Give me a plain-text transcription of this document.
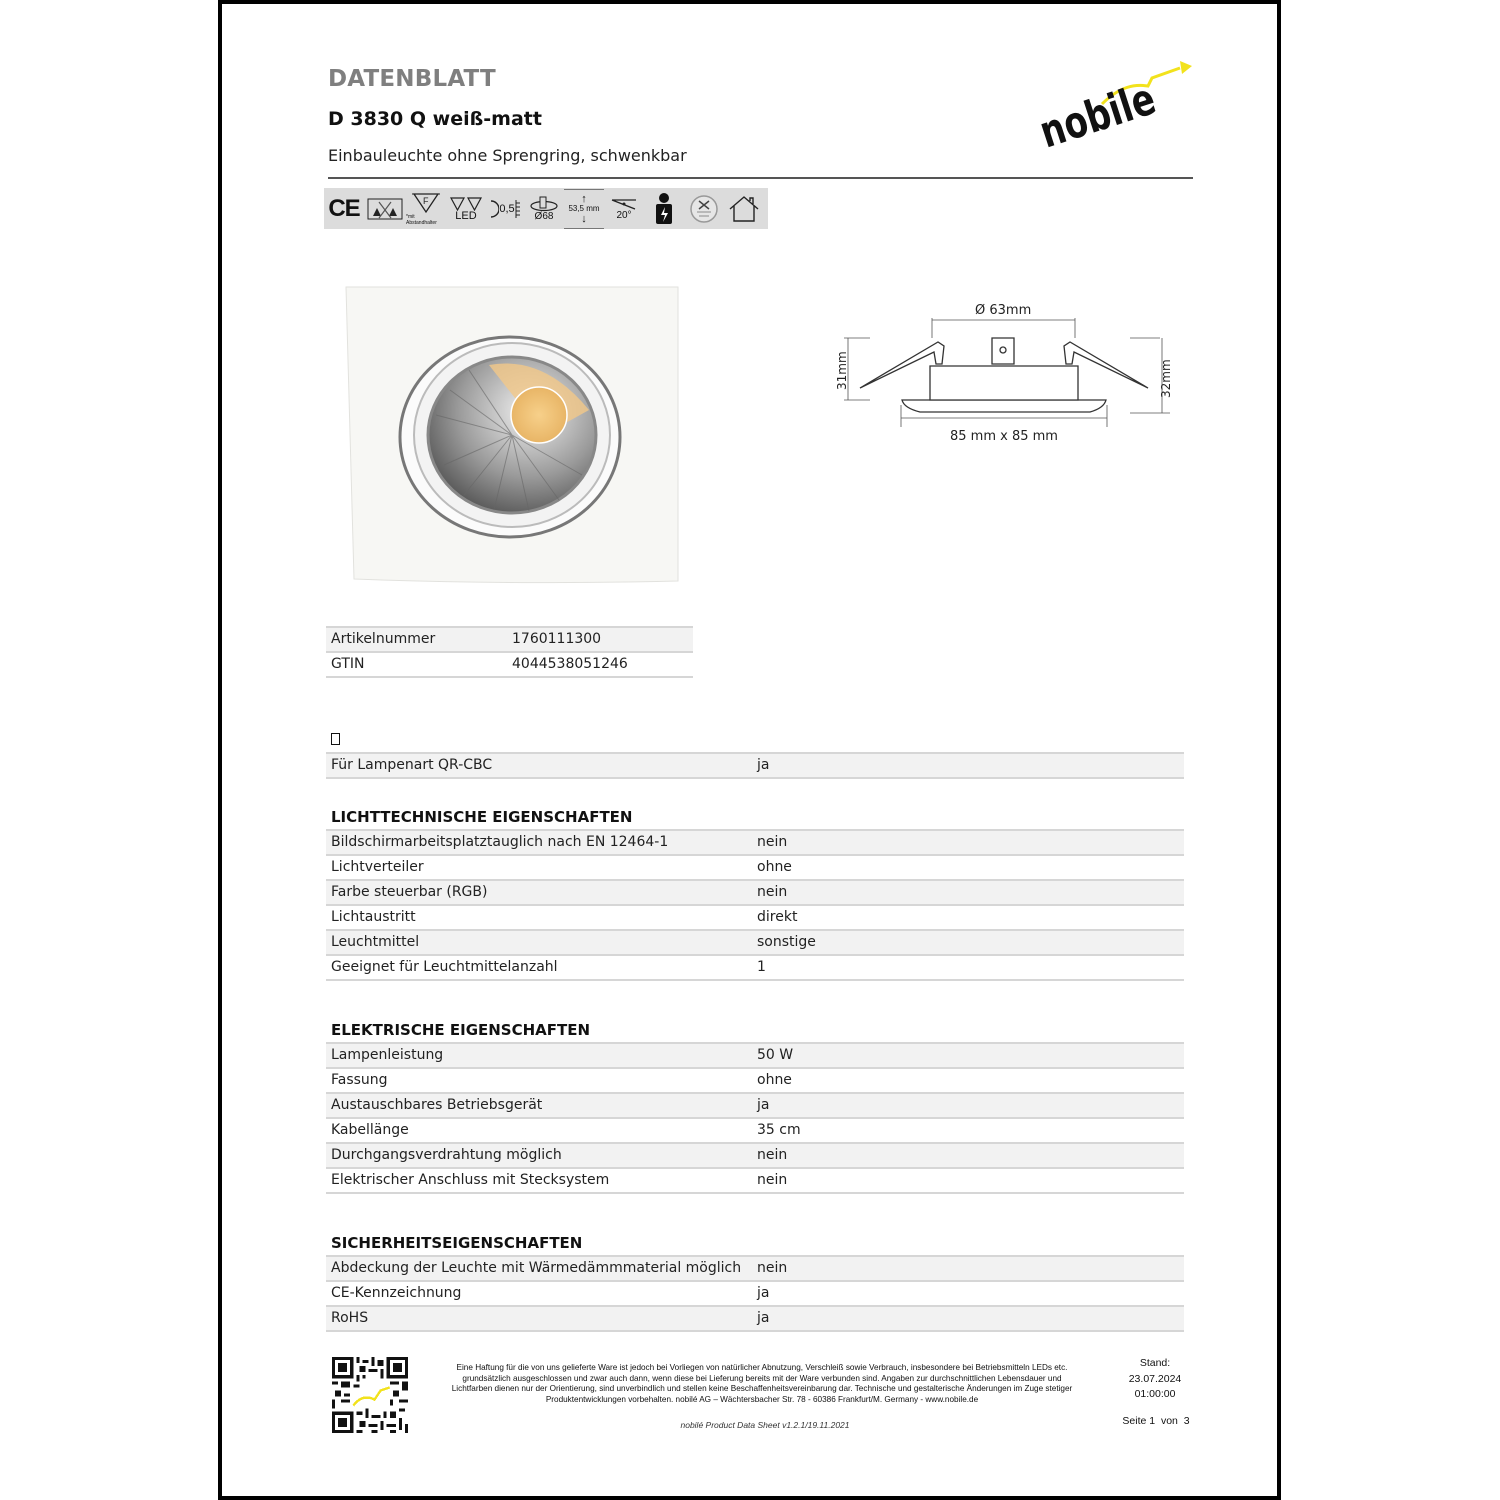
DATENBLATT
D 3830 Q weiß-matt
Einbauleuchte ohne Sprengring, schwenkbar	nobile
CE	F
*mit Abstandhalter
LED
0,5
Ø68
↑
53,5 mm
↓	20°
Ø 63mm
31mm	32mm
85 mm x 85 mm
Artikelnummer	1760111300
GTIN	4044538051246
Für Lampenart QR-CBC	ja
LICHTTECHNISCHE EIGENSCHAFTEN
Bildschirmarbeitsplatztauglich nach EN 12464-1	nein
Lichtverteiler	ohne
Farbe steuerbar (RGB)	nein
Lichtaustritt	direkt
Leuchtmittel	sonstige
Geeignet für Leuchtmittelanzahl	1
ELEKTRISCHE EIGENSCHAFTEN
Lampenleistung	50 W
Fassung	ohne
Austauschbares Betriebsgerät	ja
Kabellänge	35 cm
Durchgangsverdrahtung möglich	nein
Elektrischer Anschluss mit Stecksystem	nein
SICHERHEITSEIGENSCHAFTEN
Abdeckung der Leuchte mit Wärmedämmmaterial möglich nein
CE-Kennzeichnung	ja
RoHS	ja
Eine Haftung für die von uns gelieferte Ware ist jedoch bei Vorliegen von natürlicher Abnutzung, Verschleiß sowie Verbrauch, insbesondere bei Betriebsmitteln LEDs etc.
grundsätzlich ausgeschlossen und zwar auch dann, wenn diese bei Lieferung bereits mit der Ware verbunden sind. Angaben zur durchschnittlichen Lebensdauer und
Lichtfarben dienen nur der Orientierung, sind unverbindlich und stellen keine Beschaffenheitsvereinbarung dar. Technische und gestalterische Änderungen im Zuge stetiger
Produktentwicklungen vorbehalten. nobilé AG – Wächtersbacher Str. 78 - 60386 Frankfurt/M. Germany - www.nobile.de
nobilé Product Data Sheet v1.2.1/19.11.2021
Stand:
23.07.2024
01:00:00
Seite 1  von  3
